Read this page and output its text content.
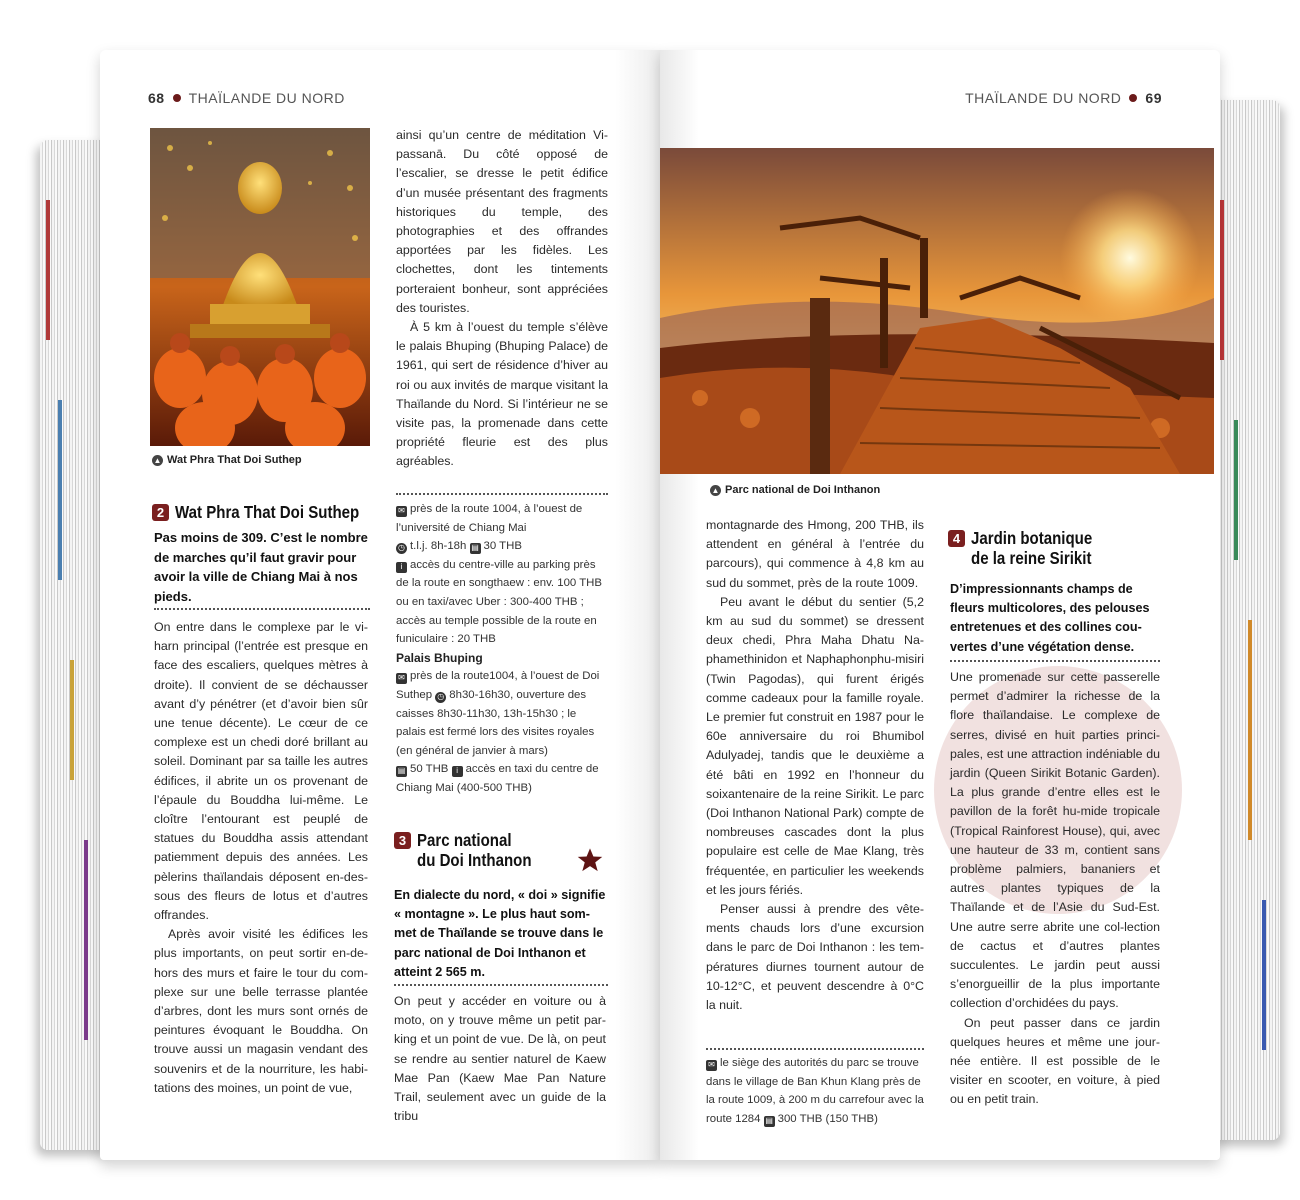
68 THAÏLANDE DU NORD
▲ Wat Phra That Doi Suthep
2 Wat Phra That Doi Suthep
Pas moins de 309. C’est le nombre de marches qu’il faut gravir pour avoir la ville de Chiang Mai à nos pieds.

On entre dans le complexe par le vi-harn principal (l’entrée est presque en face des escaliers, quelques mètres à droite). Il convient de se déchausser avant d’y pénétrer (et d’avoir bien sûr une tenue décente). Le cœur de ce complexe est un chedi doré brillant au soleil. Dominant par sa taille les autres édifices, il abrite un os provenant de l’épaule du Bouddha lui-même. Le cloître l’entourant est peuplé de statues du Bouddha assis attendant patiemment depuis des années. Les pèlerins thaïlandais déposent en-des-sous des fleurs de lotus et d’autres offrandes.

Après avoir visité les édifices les plus importants, on peut sortir en-de-hors des murs et faire le tour du com-plexe sur une belle terrasse plantée d’arbres, dont les murs sont ornés de peintures évoquant le Bouddha. On trouve aussi un magasin vendant des souvenirs et de la nourriture, les habi-tations des moines, un point de vue,

ainsi qu’un centre de méditation Vi-passanā. Du côté opposé de l’escalier, se dresse le petit édifice d’un musée présentant des fragments historiques du temple, des photographies et des offrandes apportées par les fidèles. Les clochettes, dont les tintements porteraient bonheur, sont appréciées des touristes.

À 5 km à l’ouest du temple s’élève le palais Bhuping (Bhuping Palace) de 1961, qui sert de résidence d’hiver au roi ou aux invités de marque visitant la Thaïlande du Nord. Si l’intérieur ne se visite pas, la promenade dans cette propriété fleurie est des plus agréables.

✉ près de la route 1004, à l’ouest de l’université de Chiang Mai
◷ t.l.j. 8h-18h ▤ 30 THB
i accès du centre-ville au parking près de la route en songthaew : env. 100 THB ou en taxi/avec Uber : 300-400 THB ; accès au temple possible de la route en funiculaire : 20 THB
Palais Bhuping
✉ près de la route1004, à l’ouest de Doi Suthep ◷ 8h30-16h30, ouverture des caisses 8h30-11h30, 13h-15h30 ; le palais est fermé lors des visites royales (en général de janvier à mars)
▤ 50 THB i accès en taxi du centre de Chiang Mai (400-500 THB)
3 Parc national
du Doi Inthanon
En dialecte du nord, « doi » signifie « montagne ». Le plus haut som-met de Thaïlande se trouve dans le parc national de Doi Inthanon et atteint 2 565 m.

On peut y accéder en voiture ou à moto, on y trouve même un petit par-king et un point de vue. De là, on peut se rendre au sentier naturel de Kaew Mae Pan (Kaew Mae Pan Nature Trail, seulement avec un guide de la tribu

THAÏLANDE DU NORD 69
▲ Parc national de Doi Inthanon

montagnarde des Hmong, 200 THB, ils attendent en général à l’entrée du parcours), qui commence à 4,8 km au sud du sommet, près de la route 1009.

Peu avant le début du sentier (5,2 km au sud du sommet) se dressent deux chedi, Phra Maha Dhatu Na-phamethinidon et Naphaphonphu-misiri (Twin Pagodas), qui furent érigés comme cadeaux pour la famille royale. Le premier fut construit en 1987 pour le 60e anniversaire du roi Bhumibol Adulyadej, tandis que le deuxième a été bâti en 1992 en l’honneur du soixantenaire de la reine Sirikit. Le parc (Doi Inthanon National Park) compte de nombreuses cascades dont la plus populaire est celle de Mae Klang, très fréquentée, en particulier les weekends et les jours fériés.

Penser aussi à prendre des vête-ments chauds lors d’une excursion dans le parc de Doi Inthanon : les tem-pératures diurnes tournent autour de 10-12°C, et peuvent descendre à 0°C la nuit.

✉ le siège des autorités du parc se trouve dans le village de Ban Khun Klang près de la route 1009, à 200 m du carrefour avec la route 1284 ▤ 300 THB (150 THB)
4 Jardin botanique
de la reine Sirikit
D’impressionnants champs de fleurs multicolores, des pelouses entretenues et des collines cou-vertes d’une végétation dense.

Une promenade sur cette passerelle permet d’admirer la richesse de la flore thaïlandaise. Le complexe de serres, divisé en huit parties princi-pales, est une attraction indéniable du jardin (Queen Sirikit Botanic Garden). La plus grande d’entre elles est le pavillon de la forêt hu-mide tropicale (Tropical Rainforest House), qui, avec une hauteur de 33 m, contient sans problème palmiers, bananiers et autres plantes typiques de la Thaïlande et de l’Asie du Sud-Est. Une autre serre abrite une col-lection de cactus et d’autres plantes succulentes. Le jardin peut aussi s’enorgueillir de la plus importante collection d’orchidées du pays.

On peut passer dans ce jardin quelques heures et même une jour-née entière. Il est possible de le visiter en scooter, en voiture, à pied ou en petit train.
